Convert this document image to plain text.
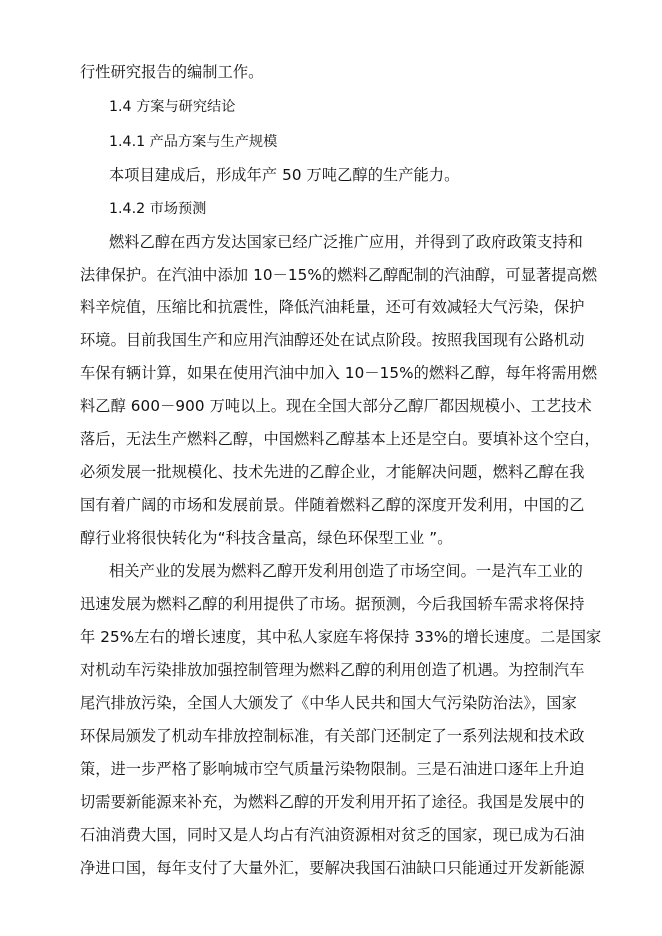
行性研究报告的编制工作。
1.4 方案与研究结论
1.4.1 产品方案与生产规模
本项目建成后，形成年产 50 万吨乙醇的生产能力。
1.4.2 市场预测
燃料乙醇在西方发达国家已经广泛推广应用，并得到了政府政策支持和
法律保护。在汽油中添加 10－15%的燃料乙醇配制的汽油醇，可显著提高燃
料辛烷值，压缩比和抗震性，降低汽油耗量，还可有效减轻大气污染，保护
环境。目前我国生产和应用汽油醇还处在试点阶段。按照我国现有公路机动
车保有辆计算，如果在使用汽油中加入 10－15%的燃料乙醇，每年将需用燃
料乙醇 600－900 万吨以上。现在全国大部分乙醇厂都因规模小、工艺技术
落后，无法生产燃料乙醇，中国燃料乙醇基本上还是空白。要填补这个空白，
必须发展一批规模化、技术先进的乙醇企业，才能解决问题，燃料乙醇在我
国有着广阔的市场和发展前景。伴随着燃料乙醇的深度开发利用，中国的乙
醇行业将很快转化为“科技含量高，绿色环保型工业 ”。
相关产业的发展为燃料乙醇开发利用创造了市场空间。一是汽车工业的
迅速发展为燃料乙醇的利用提供了市场。据预测，今后我国轿车需求将保持
年 25%左右的增长速度，其中私人家庭车将保持 33%的增长速度。二是国家
对机动车污染排放加强控制管理为燃料乙醇的利用创造了机遇。为控制汽车
尾汽排放污染，全国人大颁发了《中华人民共和国大气污染防治法》，国家
环保局颁发了机动车排放控制标准，有关部门还制定了一系列法规和技术政
策，进一步严格了影响城市空气质量污染物限制。三是石油进口逐年上升迫
切需要新能源来补充，为燃料乙醇的开发利用开拓了途径。我国是发展中的
石油消费大国，同时又是人均占有汽油资源相对贫乏的国家，现已成为石油
净进口国，每年支付了大量外汇，要解决我国石油缺口只能通过开发新能源
